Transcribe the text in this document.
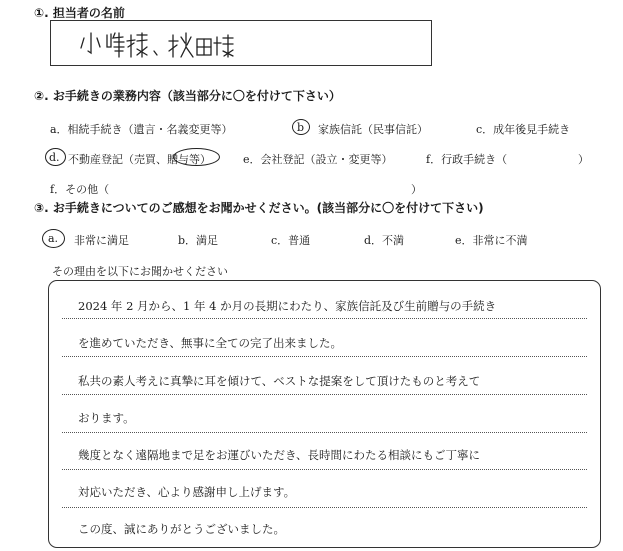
①. 担当者の名前
②. お手続きの業務内容（該当部分に〇を付けて下さい）
a．相続手続き（遺言・名義変更等）	b 家族信託（民事信託）	c．成年後見手続き
d. 不動産登記（売買、贈与等）	e．会社登記（設立・変更等）	f．行政手続き（	）
f．その他（	）
③. お手続きについてのご感想をお聞かせください。(該当部分に〇を付けて下さい)
a. 非常に満足	b．満足	c．普通	d．不満	e．非常に不満
その理由を以下にお聞かせください
2024 年 2 月から、1 年 4 か月の長期にわたり、家族信託及び生前贈与の手続き
を進めていただき、無事に全ての完了出来ました。
私共の素人考えに真摯に耳を傾けて、ベストな提案をして頂けたものと考えて
おります。
幾度となく遠隔地まで足をお運びいただき、長時間にわたる相談にもご丁寧に
対応いただき、心より感謝申し上げます。
この度、誠にありがとうございました。
